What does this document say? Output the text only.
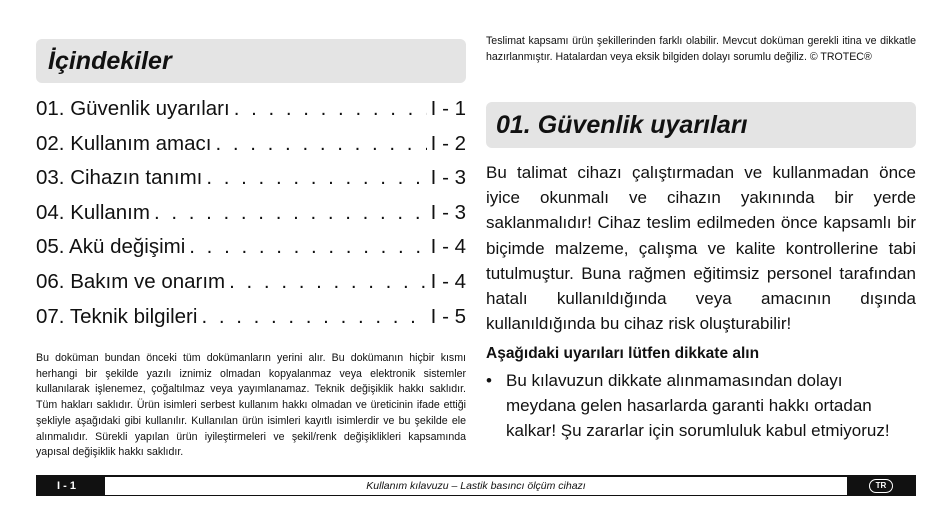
İçindekiler
01. Güvenlik uyarıları . . .	I - 1
02. Kullanım amacı . . .	I - 2
03. Cihazın tanımı . . .	I - 3
04. Kullanım . . .	I - 3
05. Akü değişimi . . .	I - 4
06. Bakım ve onarım . . .	I - 4
07. Teknik bilgileri . . .	I - 5
Bu doküman bundan önceki tüm dokümanların yerini alır. Bu dokümanın hiçbir kısmı herhangi bir şekilde yazılı iznimiz olmadan kopyalanmaz veya elektronik sistemler kullanılarak işlenemez, çoğaltılmaz veya yayımlanamaz. Teknik değişiklik hakkı saklıdır. Tüm hakları saklıdır. Ürün isimleri serbest kullanım hakkı olmadan ve üreticinin ifade ettiği şekliyle aşağıdaki gibi kullanılır. Kullanılan ürün isimleri kayıtlı isimlerdir ve bu şekilde ele alınmalıdır. Sürekli yapılan ürün iyileştirmeleri ve şekil/renk değişiklikleri kapsamında yapısal değişiklik hakkı saklıdır.
Teslimat kapsamı ürün şekillerinden farklı olabilir. Mevcut doküman gerekli itina ve dikkatle hazırlanmıştır. Hatalardan veya eksik bilgiden dolayı sorumlu değiliz. © TROTEC®
01. Güvenlik uyarıları
Bu talimat cihazı çalıştırmadan ve kullanmadan önce iyice okunmalı ve cihazın yakınında bir yerde saklanmalıdır! Cihaz teslim edilmeden önce kapsamlı bir biçimde malzeme, çalışma ve kalite kontrollerine tabi tutulmuştur. Buna rağmen eğitimsiz personel tarafından hatalı kullanıldığında veya amacının dışında kullanıldığında bu cihaz risk oluşturabilir!
Aşağıdaki uyarıları lütfen dikkate alın
• Bu kılavuzun dikkate alınmamasından dolayı meydana gelen hasarlarda garanti hakkı ortadan kalkar! Şu zararlar için sorumluluk kabul etmiyoruz!
I - 1	Kullanım kılavuzu – Lastik basıncı ölçüm cihazı	TR
